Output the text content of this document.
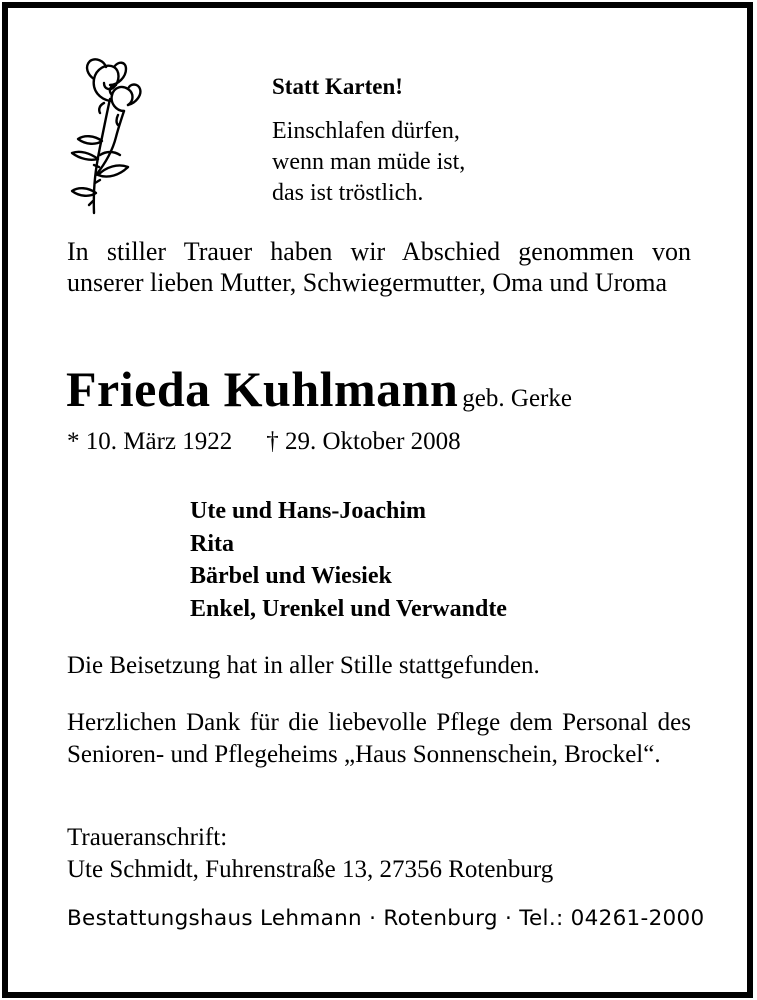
Statt Karten!

Einschlafen dürfen,
wenn man müde ist,
das ist tröstlich.

In stiller Trauer haben wir Abschied genommen von unserer lieben Mutter, Schwiegermutter, Oma und Uroma

Frieda Kuhlmann geb. Gerke
* 10. März 1922 † 29. Oktober 2008
Ute und Hans-Joachim
Rita
Bärbel und Wiesiek
Enkel, Urenkel und Verwandte

Die Beisetzung hat in aller Stille stattgefunden.

Herzlichen Dank für die liebevolle Pflege dem Personal des Senioren- und Pflegeheims „Haus Sonnenschein, Brockel“.

Traueranschrift:

Ute Schmidt, Fuhrenstraße 13, 27356 Rotenburg

Bestattungshaus Lehmann · Rotenburg · Tel.: 04261-2000
